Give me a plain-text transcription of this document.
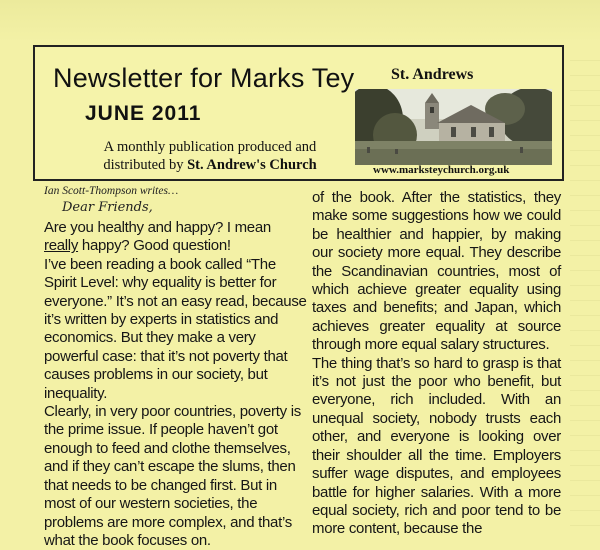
Newsletter for Marks Tey
JUNE 2011

A monthly publication produced and
distributed by St. Andrew's Church

St. Andrews

www.marksteychurch.org.uk

Ian Scott-Thompson writes…

Dear Friends,

Are you healthy and happy? I mean really happy? Good question!

I’ve been reading a book called “The Spirit Level: why equality is better for everyone.” It’s not an easy read, because it’s written by experts in statistics and economics. But they make a very powerful case: that it’s not poverty that causes problems in our society, but inequality.

Clearly, in very poor countries, poverty is the prime issue. If people haven’t got enough to feed and clothe themselves, and if they can’t escape the slums, then that needs to be changed first. But in most of our western societies, the problems are more complex, and that’s what the book focuses on.

of the book. After the statistics, they make some suggestions how we could be healthier and happier, by making our society more equal. They describe the Scandinavian countries, most of which achieve greater equality using taxes and benefits; and Japan, which achieves greater equality at source through more equal salary structures.

The thing that’s so hard to grasp is that it’s not just the poor who benefit, but everyone, rich included. With an unequal society, nobody trusts each other, and everyone is looking over their shoulder all the time. Employers suffer wage disputes, and employees battle for higher salaries. With a more equal society, rich and poor tend to be more content, because the
